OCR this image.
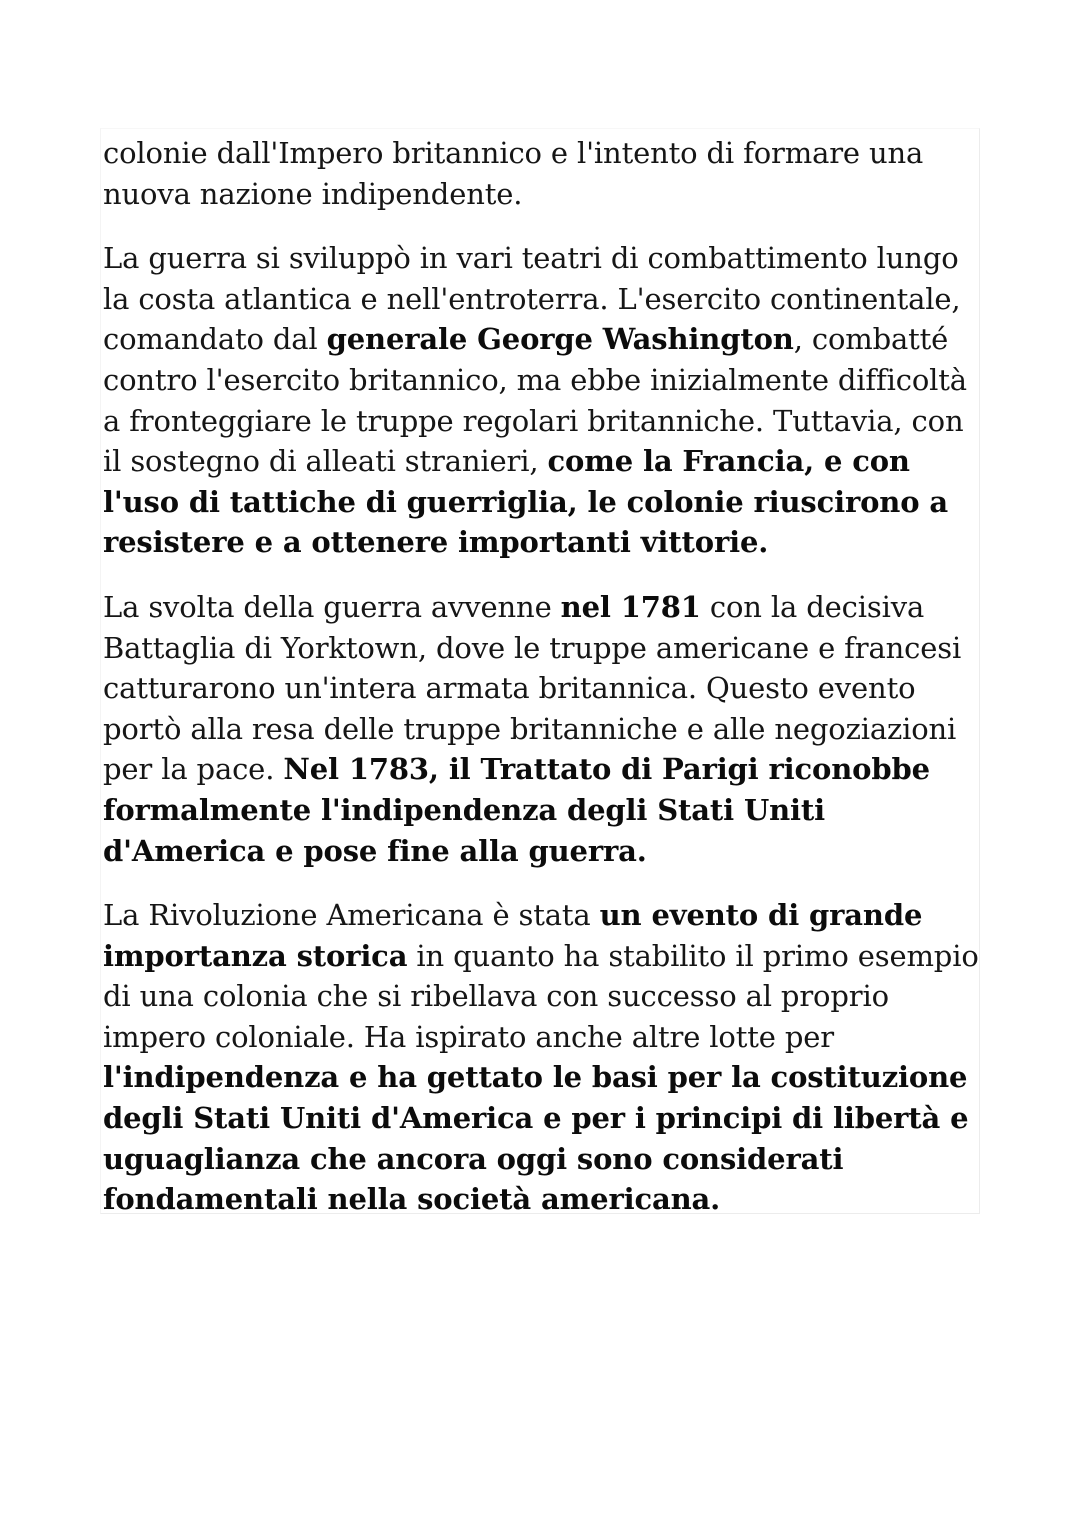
colonie dall'Impero britannico e l'intento di formare una nuova nazione indipendente.

La guerra si sviluppò in vari teatri di combattimento lungo la costa atlantica e nell'entroterra. L'esercito continentale, comandato dal generale George Washington, combatté contro l'esercito britannico, ma ebbe inizialmente difficoltà a fronteggiare le truppe regolari britanniche. Tuttavia, con il sostegno di alleati stranieri, come la Francia, e con l'uso di tattiche di guerriglia, le colonie riuscirono a resistere e a ottenere importanti vittorie.

La svolta della guerra avvenne nel 1781 con la decisiva Battaglia di Yorktown, dove le truppe americane e francesi catturarono un'intera armata britannica. Questo evento portò alla resa delle truppe britanniche e alle negoziazioni per la pace. Nel 1783, il Trattato di Parigi riconobbe formalmente l'indipendenza degli Stati Uniti d'America e pose fine alla guerra.

La Rivoluzione Americana è stata un evento di grande importanza storica in quanto ha stabilito il primo esempio di una colonia che si ribellava con successo al proprio impero coloniale. Ha ispirato anche altre lotte per l'indipendenza e ha gettato le basi per la costituzione degli Stati Uniti d'America e per i principi di libertà e uguaglianza che ancora oggi sono considerati fondamentali nella società americana.
